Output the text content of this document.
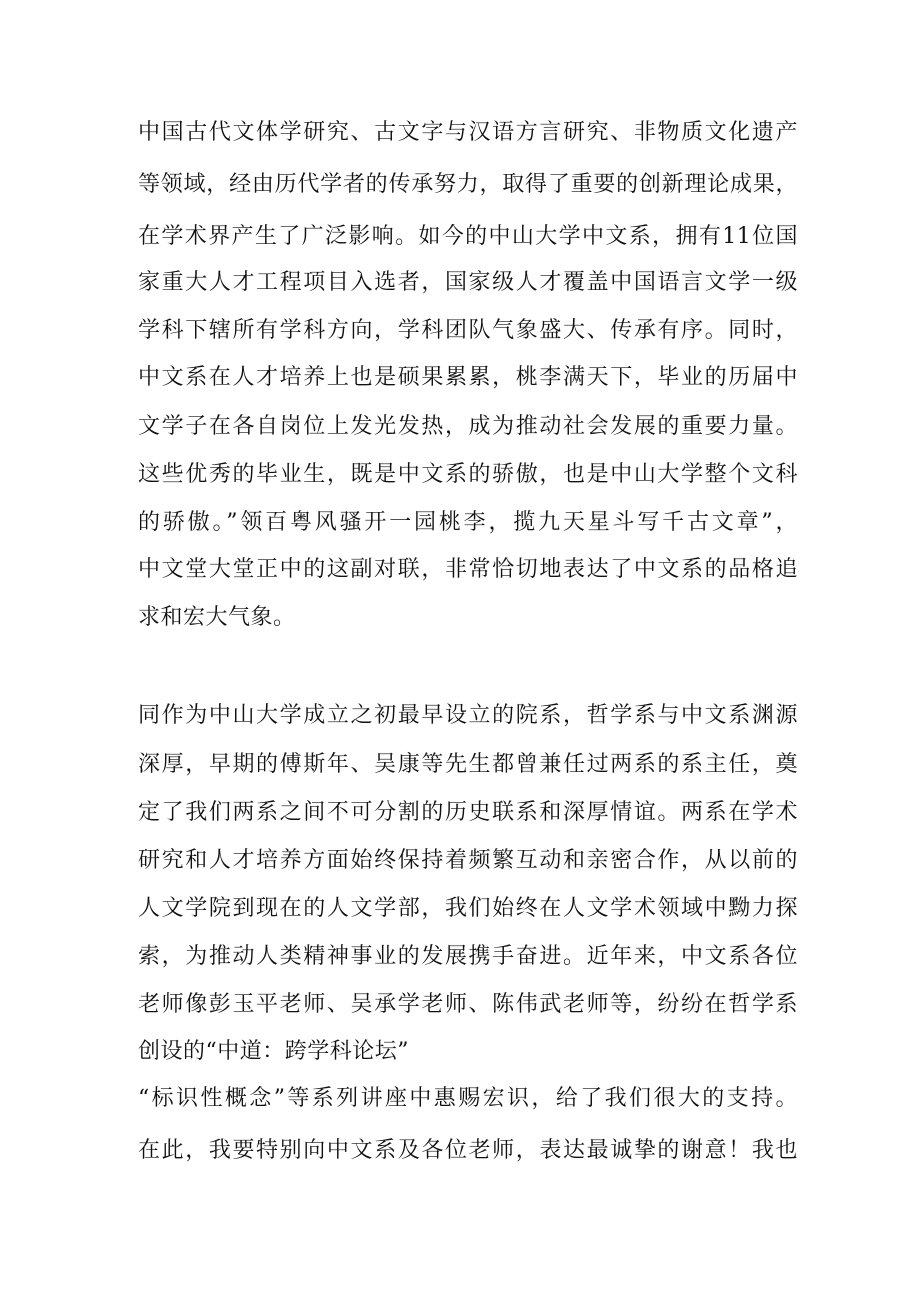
中国古代文体学研究、古文字与汉语方言研究、非物质文化遗产

等领域，经由历代学者的传承努力，取得了重要的创新理论成果，

在学术界产生了广泛影响。如今的中山大学中文系，拥有11位国

家重大人才工程项目入选者，国家级人才覆盖中国语言文学一级

学科下辖所有学科方向，学科团队气象盛大、传承有序。同时，

中文系在人才培养上也是硕果累累，桃李满天下，毕业的历届中

文学子在各自岗位上发光发热，成为推动社会发展的重要力量。

这些优秀的毕业生，既是中文系的骄傲，也是中山大学整个文科

的骄傲。”领百粤风骚开一园桃李，揽九天星斗写千古文章”，

中文堂大堂正中的这副对联，非常恰切地表达了中文系的品格追

求和宏大气象。

同作为中山大学成立之初最早设立的院系，哲学系与中文系渊源

深厚，早期的傅斯年、吴康等先生都曾兼任过两系的系主任，奠

定了我们两系之间不可分割的历史联系和深厚情谊。两系在学术

研究和人才培养方面始终保持着频繁互动和亲密合作，从以前的

人文学院到现在的人文学部，我们始终在人文学术领域中黝力探

索，为推动人类精神事业的发展携手奋进。近年来，中文系各位

老师像彭玉平老师、吴承学老师、陈伟武老师等，纷纷在哲学系

创设的“中道：跨学科论坛”

“标识性概念”等系列讲座中惠赐宏识，给了我们很大的支持。

在此，我要特别向中文系及各位老师，表达最诚挚的谢意！我也
